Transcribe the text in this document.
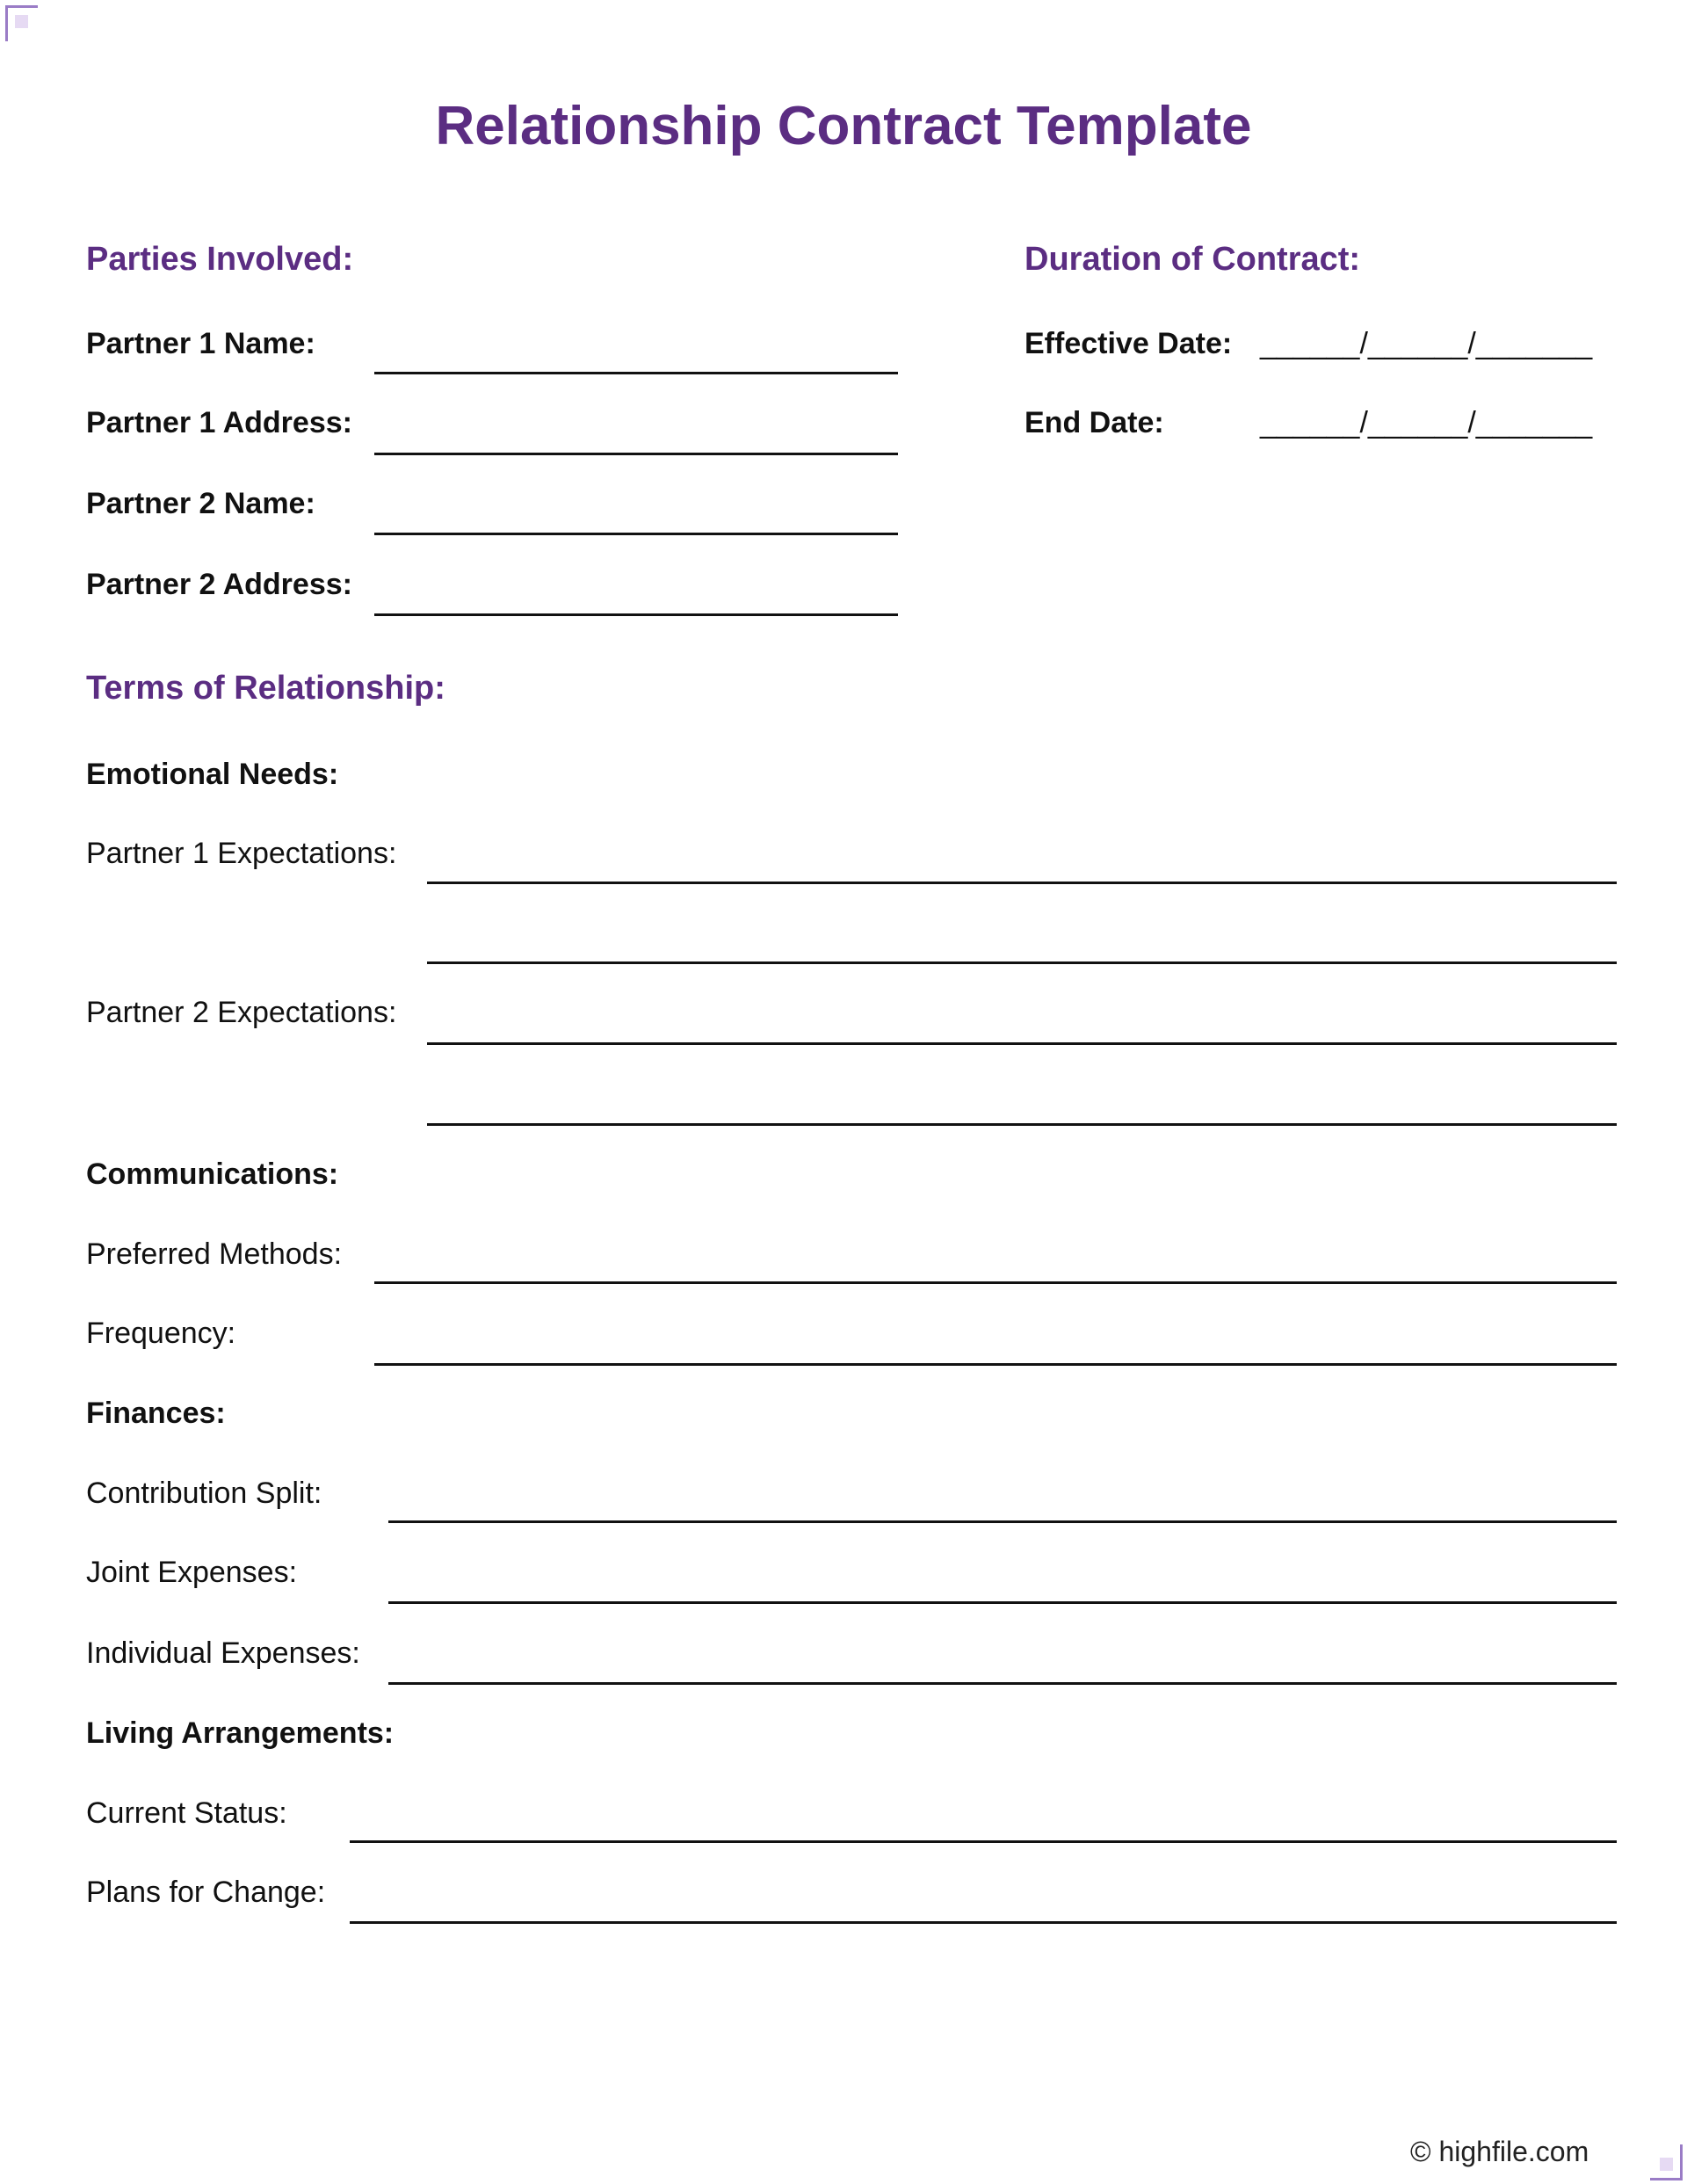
Relationship Contract Template
Parties Involved:
Partner 1 Name:
Partner 1 Address:
Partner 2 Name:
Partner 2 Address:
Duration of Contract:
Effective Date: ______/______/_______
End Date:	______/______/_______
Terms of Relationship:
Emotional Needs:
Partner 1 Expectations:
Partner 2 Expectations:
Communications:
Preferred Methods:
Frequency:
Finances:
Contribution Split:
Joint Expenses:
Individual Expenses:
Living Arrangements:
Current Status:
Plans for Change:
© highfile.com
